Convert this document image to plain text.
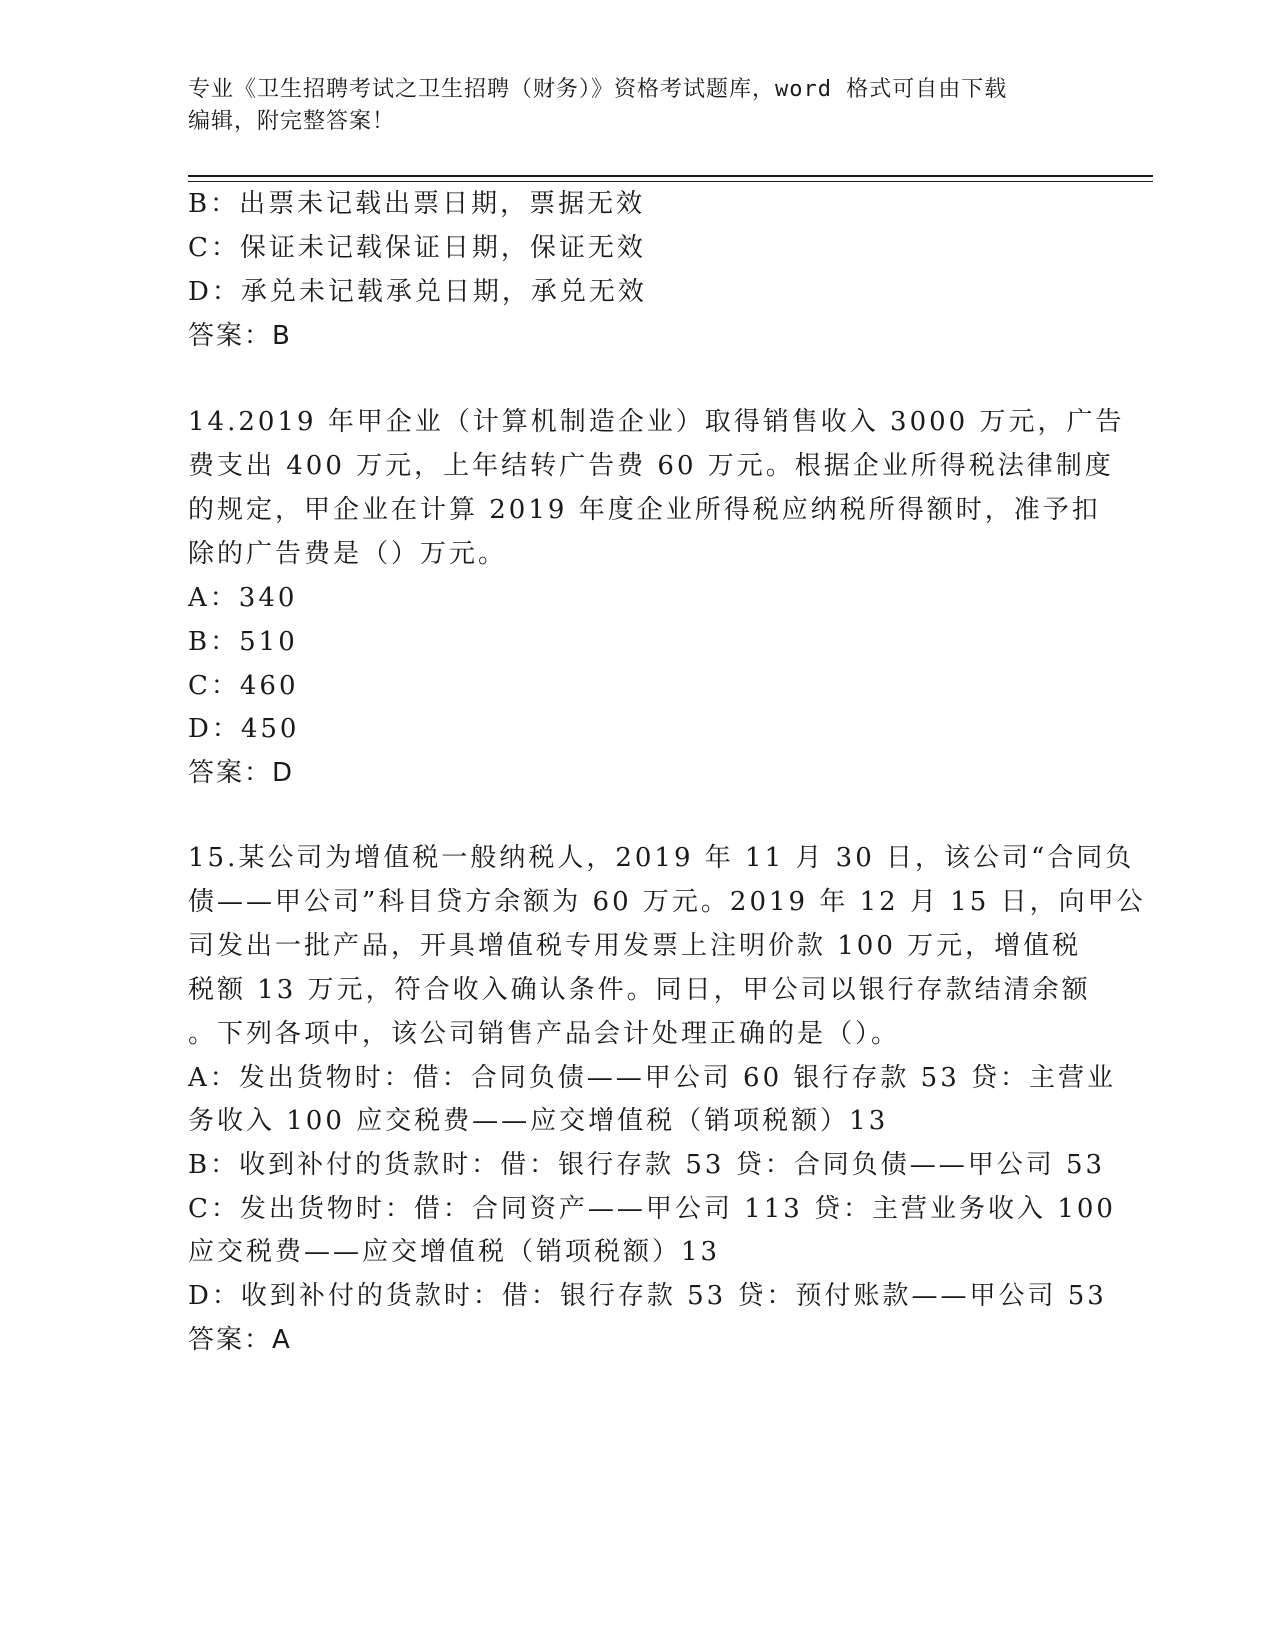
专业《卫生招聘考试之卫生招聘（财务）》资格考试题库，word 格式可自由下载
编辑，附完整答案！
B：出票未记载出票日期，票据无效
C：保证未记载保证日期，保证无效
D：承兑未记载承兑日期，承兑无效
答案：B
14.2019 年甲企业（计算机制造企业）取得销售收入 3000 万元，广告
费支出 400 万元，上年结转广告费 60 万元。根据企业所得税法律制度
的规定，甲企业在计算 2019 年度企业所得税应纳税所得额时，准予扣
除的广告费是（）万元。
A：340
B：510
C：460
D：450
答案：D
15.某公司为增值税一般纳税人，2019 年 11 月 30 日，该公司“合同负
债——甲公司”科目贷方余额为 60 万元。2019 年 12 月 15 日，向甲公
司发出一批产品，开具增值税专用发票上注明价款 100 万元，增值税
税额 13 万元，符合收入确认条件。同日，甲公司以银行存款结清余额
。下列各项中，该公司销售产品会计处理正确的是（）。
A：发出货物时：借：合同负债——甲公司 60 银行存款 53 贷：主营业
务收入 100 应交税费——应交增值税（销项税额）13
B：收到补付的货款时：借：银行存款 53 贷：合同负债——甲公司 53
C：发出货物时：借：合同资产——甲公司 113 贷：主营业务收入 100
应交税费——应交增值税（销项税额）13
D：收到补付的货款时：借：银行存款 53 贷：预付账款——甲公司 53
答案：A
